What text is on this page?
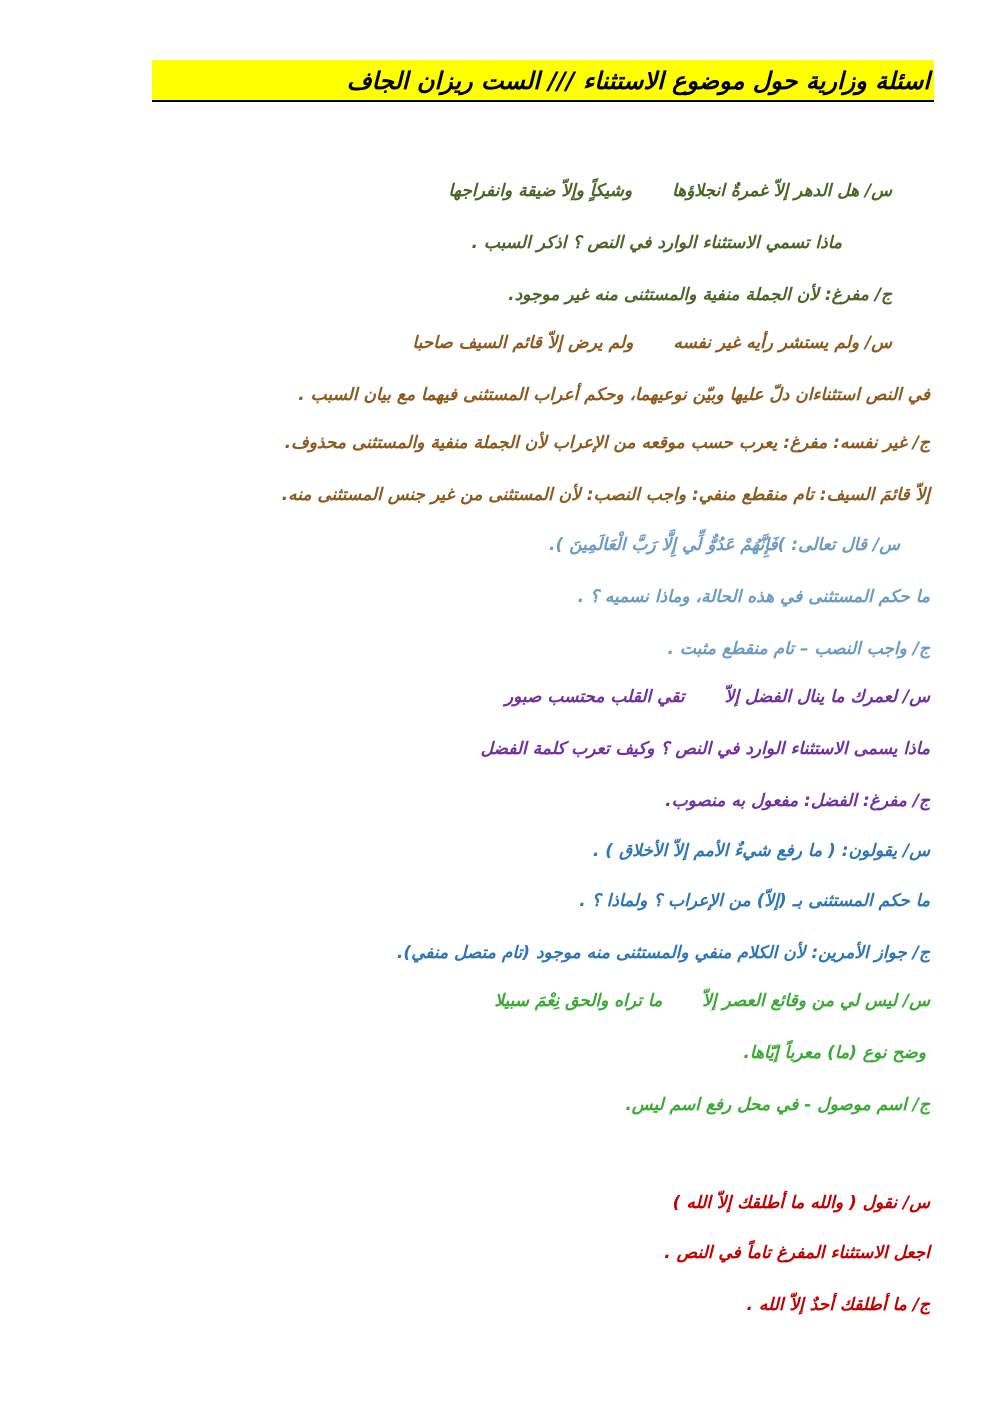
اسئلة وزارية حول موضوع الاستثناء /// الست ريزان الجاف
س/ هل الدهر إلاّ غمرةٌ انجلاؤهاوشيكاًٍ وإلاّ ضيقة وانفراجها
ماذا تسمي الاستثناء الوارد في النص ؟ اذكر السبب .
ج/ مفرغ: لأن الجملة منفية والمستثنى منه غير موجود.
س/ ولم يستشر رأيه غير نفسهولم يرض إلاّ قائم السيف صاحبا
في النص استثناءان دلّ عليها وبيّن نوعيهما، وحكم أعراب المستثنى فيهما مع بيان السبب .
ج/ غير نفسه: مفرغ: يعرب حسب موقعه من الإعراب لأن الجملة منفية والمستثنى محذوف.
إلاّ قائمَ السيف: تام منقطع منفي: واجب النصب: لأن المستثنى من غير جنس المستثنى منه.
س/ قال تعالى: )فَإِنَّهُمْ عَدُوٌّ لِّي إِلَّا رَبَّ الْعَالَمِينَ ).
ما حكم المستثنى في هذه الحالة، وماذا نسميه ؟ .
ج/ واجب النصب – تام منقطع مثبت .
س/ لعمرك ما ينال الفضل إلاّتقي القلب محتسب صبور
ماذا يسمى الاستثناء الوارد في النص ؟ وكيف تعرب كلمة الفضل
ج/ مفرغ: الفضل: مفعول به منصوب.
س/ يقولون: ( ما رفع شيءٌ الأمم إلاّ الأخلاق ) .
ما حكم المستثنى بـ (إلاّ) من الإعراب ؟ ولماذا ؟ .
ج/ جواز الأمرين: لأن الكلام منفي والمستثنى منه موجود (تام متصل منفي).
س/ ليس لي من وقائع العصر إلاّما تراه والحق نِعْمَ سبيلا
وضح نوع (ما) معرباً إيّاها.
ج/ اسم موصول - في محل رفع اسم ليس.
س/ نقول ( والله ما أطلقك إلاّ الله )
اجعل الاستثناء المفرغ تاماً في النص .
ج/ ما أطلقك أحدٌ إلاّ الله .
